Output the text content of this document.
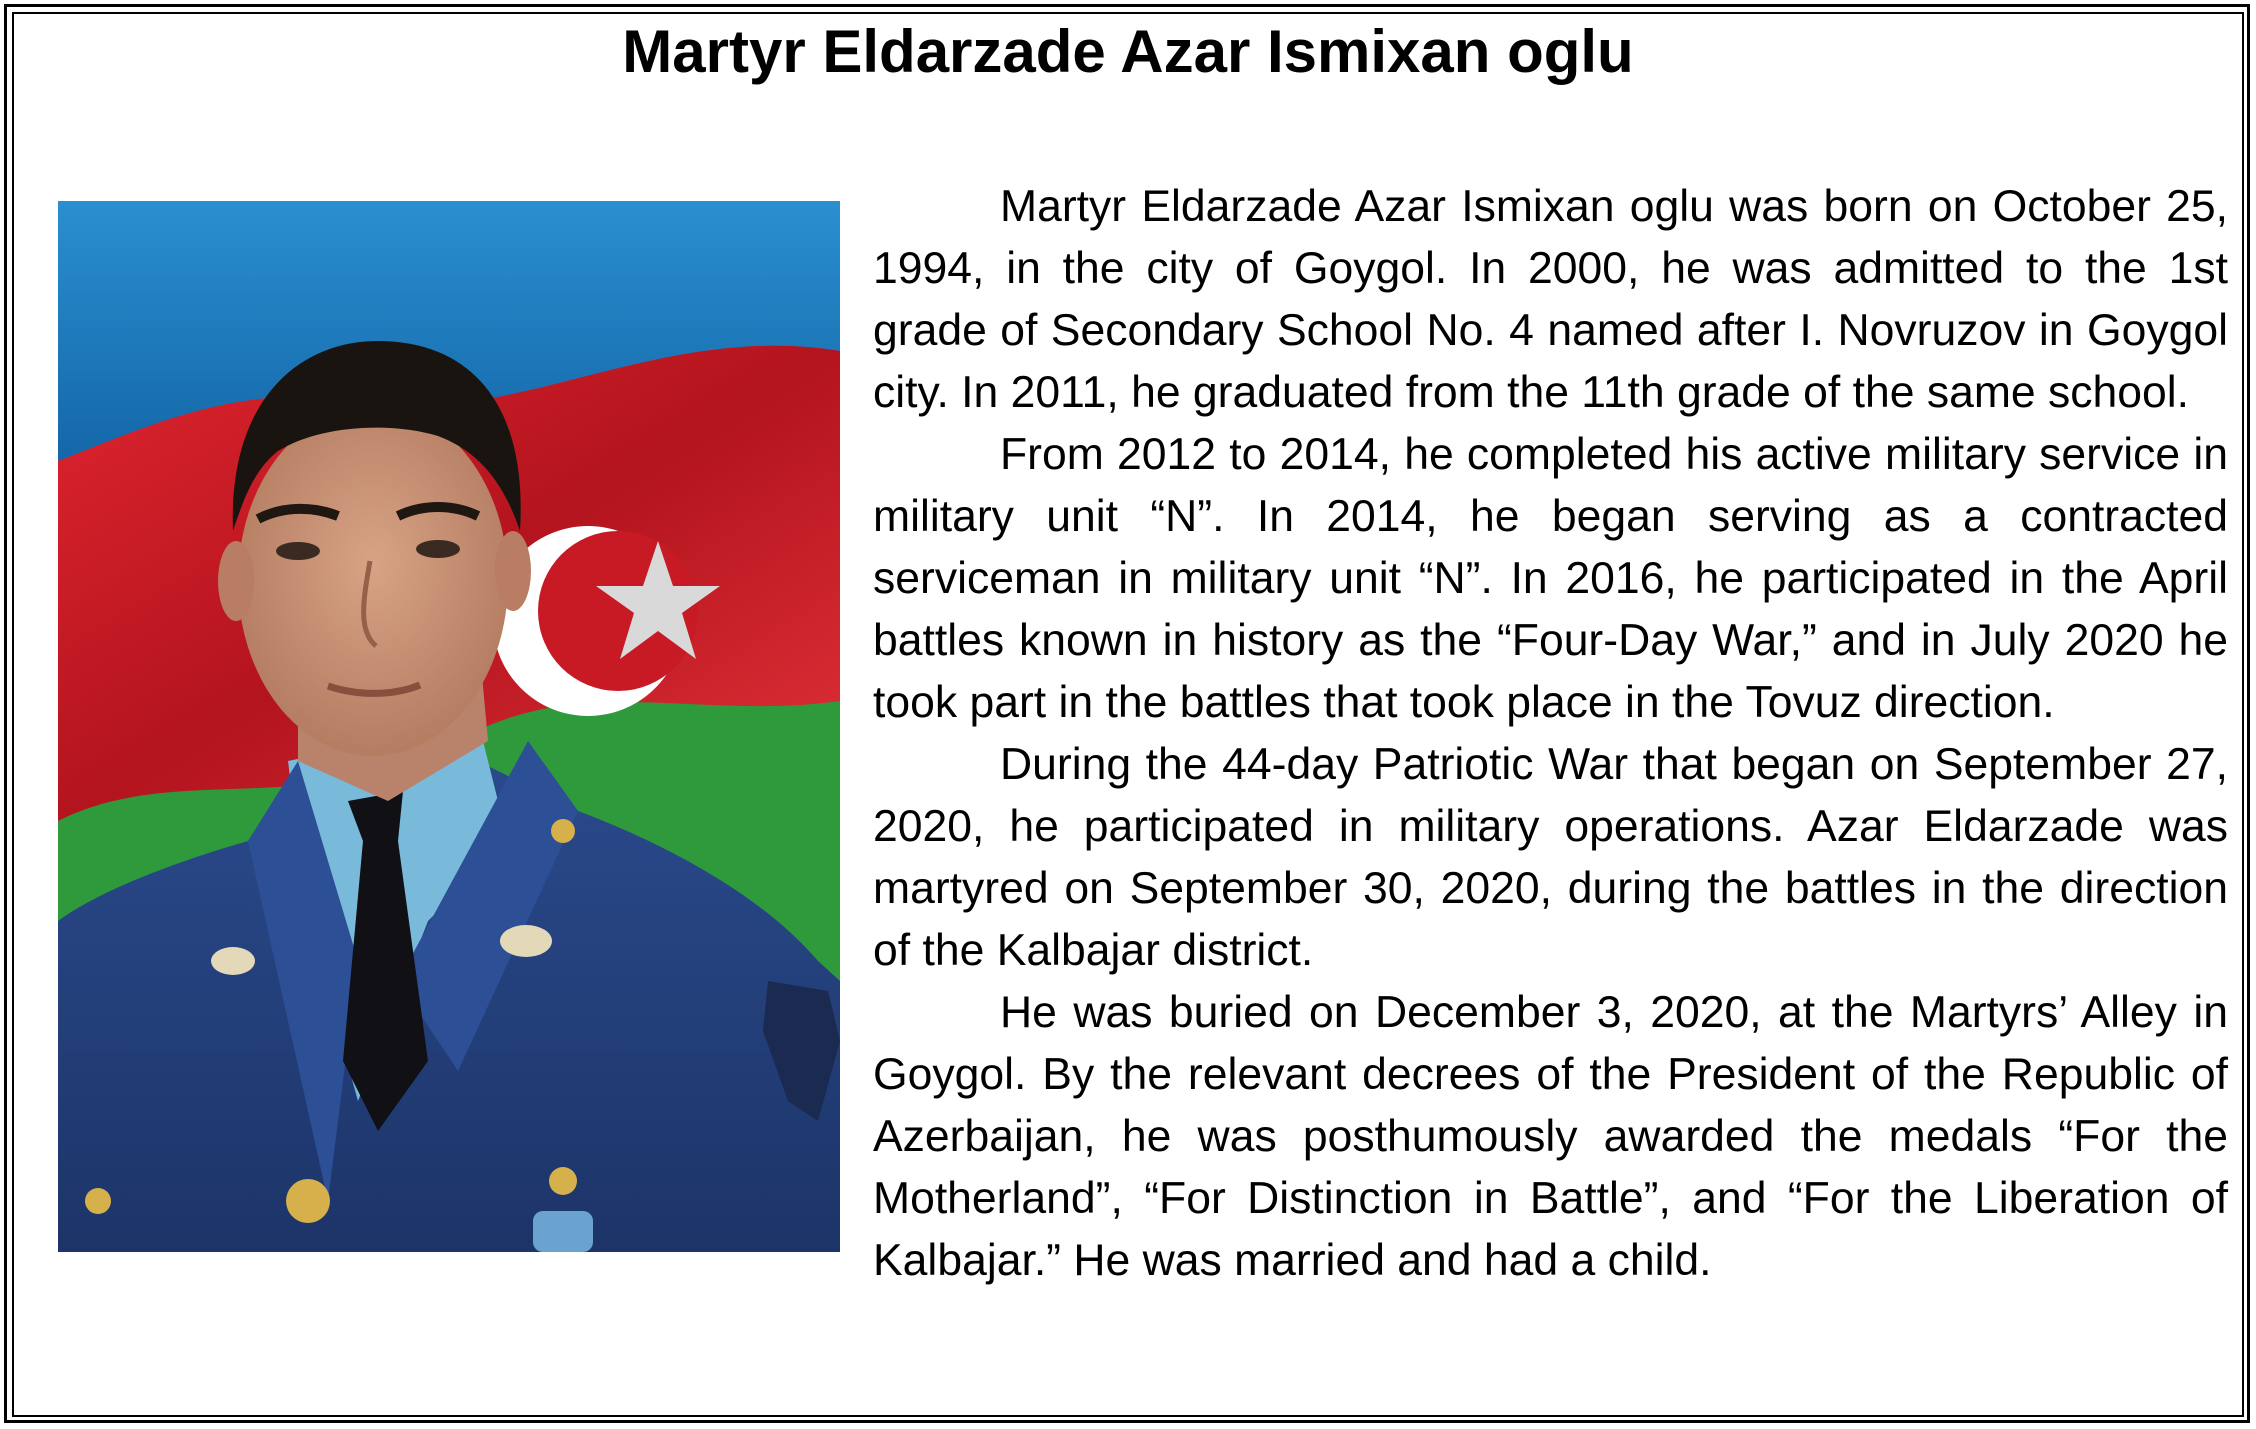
Martyr Eldarzade Azar Ismixan oglu

Martyr Eldarzade Azar Ismixan oglu was born on October 25, 1994, in the city of Goygol. In 2000, he was admitted to the 1st grade of Secondary School No. 4 named after I. Novruzov in Goygol city. In 2011, he graduated from the 11th grade of the same school.

From 2012 to 2014, he completed his active military service in military unit “N”. In 2014, he began serving as a contracted serviceman in military unit “N”. In 2016, he participated in the April battles known in history as the “Four-Day War,” and in July 2020 he took part in the battles that took place in the Tovuz direction.

During the 44-day Patriotic War that began on September 27, 2020, he participated in military operations. Azar Eldarzade was martyred on September 30, 2020, during the battles in the direction of the Kalbajar district.

He was buried on December 3, 2020, at the Martyrs’ Alley in Goygol. By the relevant decrees of the President of the Republic of Azerbaijan, he was posthumously awarded the medals “For the Motherland”, “For Distinction in Battle”, and “For the Liberation of Kalbajar.” He was married and had a child.
